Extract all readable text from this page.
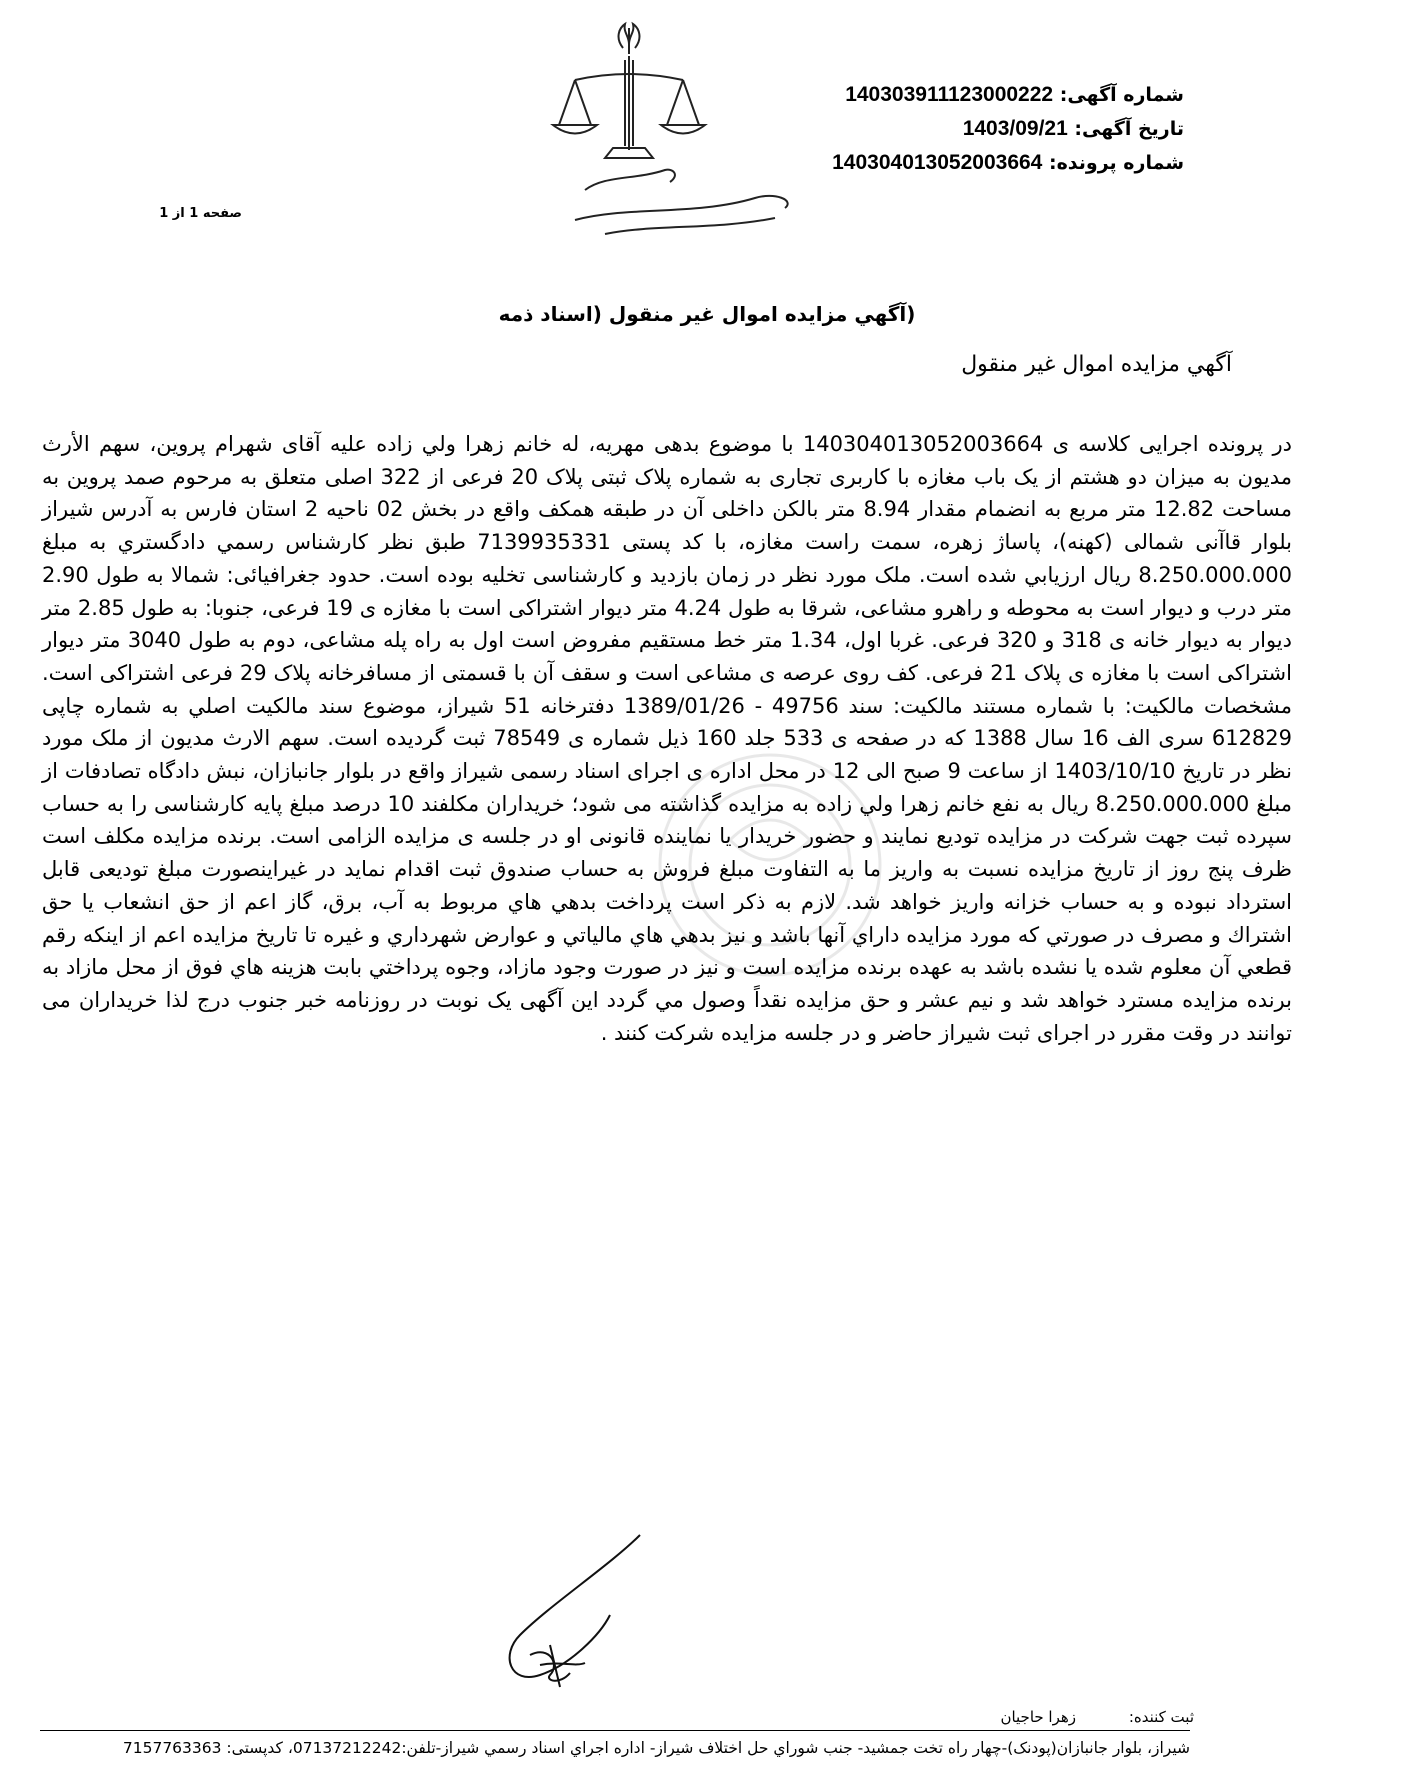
شماره آگهی: 140303911123000222
تاریخ آگهی: 1403/09/21
شماره پرونده: 140304013052003664
صفحه 1 از 1
(آگهي مزايده اموال غير منقول (اسناد ذمه
آگهي مزايده اموال غير منقول
در پرونده اجرایی کلاسه ی 140304013052003664 با موضوع بدهی مهریه، له خانم زهرا ولي زاده علیه آقای شهرام پروین، سهم الأرث مدیون به میزان دو هشتم از یک باب مغازه با کاربری تجاری به شماره پلاک ثبتی پلاک 20 فرعی از 322 اصلی متعلق به مرحوم صمد پروین به مساحت 12.82 متر مربع به انضمام مقدار 8.94 متر بالکن داخلی آن در طبقه همکف واقع در بخش 02 ناحیه 2 استان فارس به آدرس شیراز بلوار قاآنی شمالی (کهنه)، پاساژ زهره، سمت راست مغازه، با کد پستی 7139935331 طبق نظر کارشناس رسمي دادگستري به مبلغ 8.250.000.000 ریال ارزيابي شده است. ملک مورد نظر در زمان بازدید و کارشناسی تخلیه بوده است. حدود جغرافیائی: شمالا به طول 2.90 متر درب و دیوار است به محوطه و راهرو مشاعی، شرقا به طول 4.24 متر دیوار اشتراکی است با مغازه ی 19 فرعی، جنوبا: به طول 2.85 متر دیوار به دیوار خانه ی 318 و 320 فرعی. غربا اول، 1.34 متر خط مستقیم مفروض است اول به راه پله مشاعی، دوم به طول 3040 متر دیوار اشتراکی است با مغازه ی پلاک 21 فرعی. کف روی عرصه ی مشاعی است و سقف آن با قسمتی از مسافرخانه پلاک 29 فرعی اشتراکی است. مشخصات مالکیت: با شماره مستند مالکیت: سند 49756 - 1389/01/26 دفترخانه 51 شیراز، موضوع سند مالکیت اصلي به شماره چاپی 612829 سری الف 16 سال 1388 که در صفحه ی 533 جلد 160 ذیل شماره ی 78549 ثبت گردیده است. سهم الارث مدیون از ملک مورد نظر در تاریخ 1403/10/10 از ساعت 9 صبح الی 12 در محل اداره ی اجرای اسناد رسمی شیراز واقع در بلوار جانبازان، نبش دادگاه تصادفات از مبلغ 8.250.000.000 ریال به نفع خانم زهرا ولي زاده به مزایده گذاشته می شود؛ خریداران مکلفند 10 درصد مبلغ پایه کارشناسی را به حساب سپرده ثبت جهت شرکت در مزایده تودیع نمایند و حضور خریدار یا نماینده قانونی او در جلسه ی مزایده الزامی است. برنده مزایده مکلف است ظرف پنج روز از تاریخ مزایده نسبت به واریز ما به التفاوت مبلغ فروش به حساب صندوق ثبت اقدام نماید در غیراینصورت مبلغ تودیعی قابل استرداد نبوده و به حساب خزانه واریز خواهد شد. لازم به ذکر است پرداخت بدهي هاي مربوط به آب، برق، گاز اعم از حق انشعاب یا حق اشتراك و مصرف در صورتي كه مورد مزايده داراي آنها باشد و نيز بدهي هاي مالياتي و عوارض شهرداري و غيره تا تاريخ مزايده اعم از اينكه رقم قطعي آن معلوم شده يا نشده باشد به عهده برنده مزايده است و نيز در صورت وجود مازاد، وجوه پرداختي بابت هزينه هاي فوق از محل مازاد به برنده مزايده مسترد خواهد شد و نیم عشر و حق مزایده نقداً وصول مي گردد این آگهی یک نوبت در روزنامه خبر جنوب درج لذا خریداران می توانند در وقت مقرر در اجرای ثبت شیراز حاضر و در جلسه مزایده شرکت کنند .
ثبت كننده: زهرا حاجيان
شیراز، بلوار جانبازان(پودنک)-چهار راه تخت جمشید- جنب شوراي حل اختلاف شیراز- اداره اجراي اسناد رسمي شیراز-تلفن:07137212242، کدپستی: 7157763363
